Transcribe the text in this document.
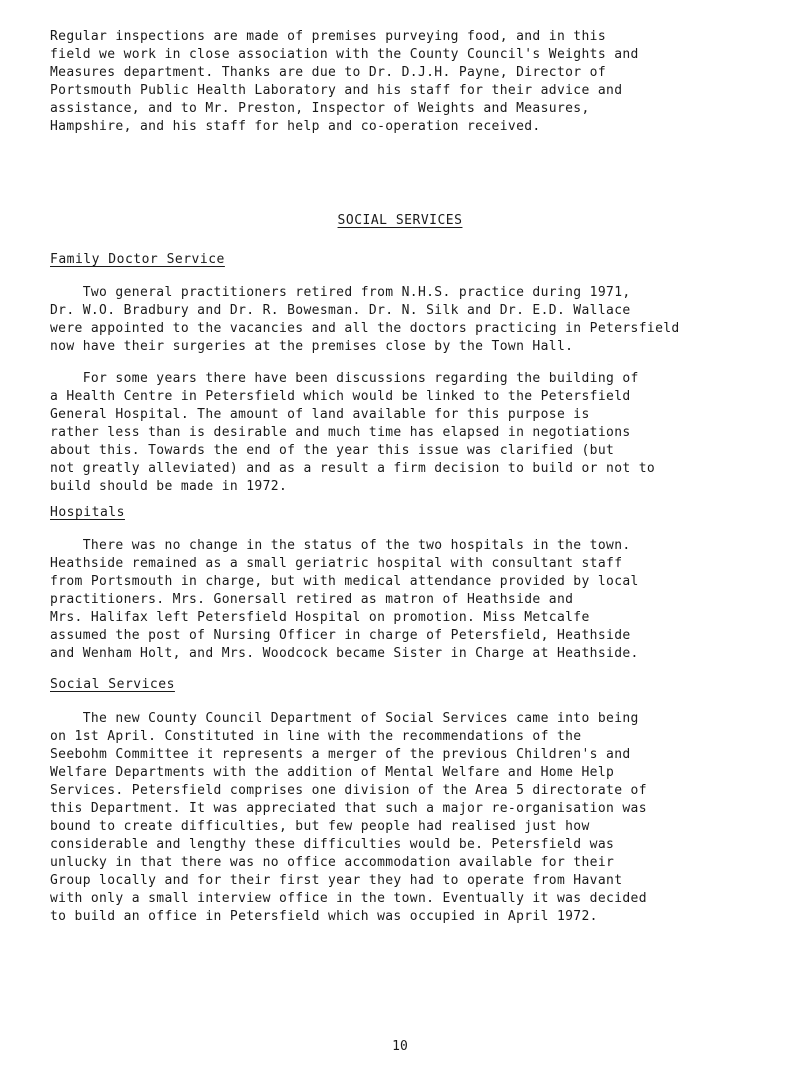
Regular inspections are made of premises purveying food, and in this
field we work in close association with the County Council's Weights and
Measures department. Thanks are due to Dr. D.J.H. Payne, Director of
Portsmouth Public Health Laboratory and his staff for their advice and
assistance, and to Mr. Preston, Inspector of Weights and Measures,
Hampshire, and his staff for help and co-operation received.
SOCIAL SERVICES
Family Doctor Service
Two general practitioners retired from N.H.S. practice during 1971,
Dr. W.O. Bradbury and Dr. R. Bowesman. Dr. N. Silk and Dr. E.D. Wallace
were appointed to the vacancies and all the doctors practicing in Petersfield
now have their surgeries at the premises close by the Town Hall.
For some years there have been discussions regarding the building of
a Health Centre in Petersfield which would be linked to the Petersfield
General Hospital. The amount of land available for this purpose is
rather less than is desirable and much time has elapsed in negotiations
about this. Towards the end of the year this issue was clarified (but
not greatly alleviated) and as a result a firm decision to build or not to
build should be made in 1972.
Hospitals
There was no change in the status of the two hospitals in the town.
Heathside remained as a small geriatric hospital with consultant staff
from Portsmouth in charge, but with medical attendance provided by local
practitioners. Mrs. Gonersall retired as matron of Heathside and
Mrs. Halifax left Petersfield Hospital on promotion. Miss Metcalfe
assumed the post of Nursing Officer in charge of Petersfield, Heathside
and Wenham Holt, and Mrs. Woodcock became Sister in Charge at Heathside.
Social Services
The new County Council Department of Social Services came into being
on 1st April. Constituted in line with the recommendations of the
Seebohm Committee it represents a merger of the previous Children's and
Welfare Departments with the addition of Mental Welfare and Home Help
Services. Petersfield comprises one division of the Area 5 directorate of
this Department. It was appreciated that such a major re-organisation was
bound to create difficulties, but few people had realised just how
considerable and lengthy these difficulties would be. Petersfield was
unlucky in that there was no office accommodation available for their
Group locally and for their first year they had to operate from Havant
with only a small interview office in the town. Eventually it was decided
to build an office in Petersfield which was occupied in April 1972.
10
